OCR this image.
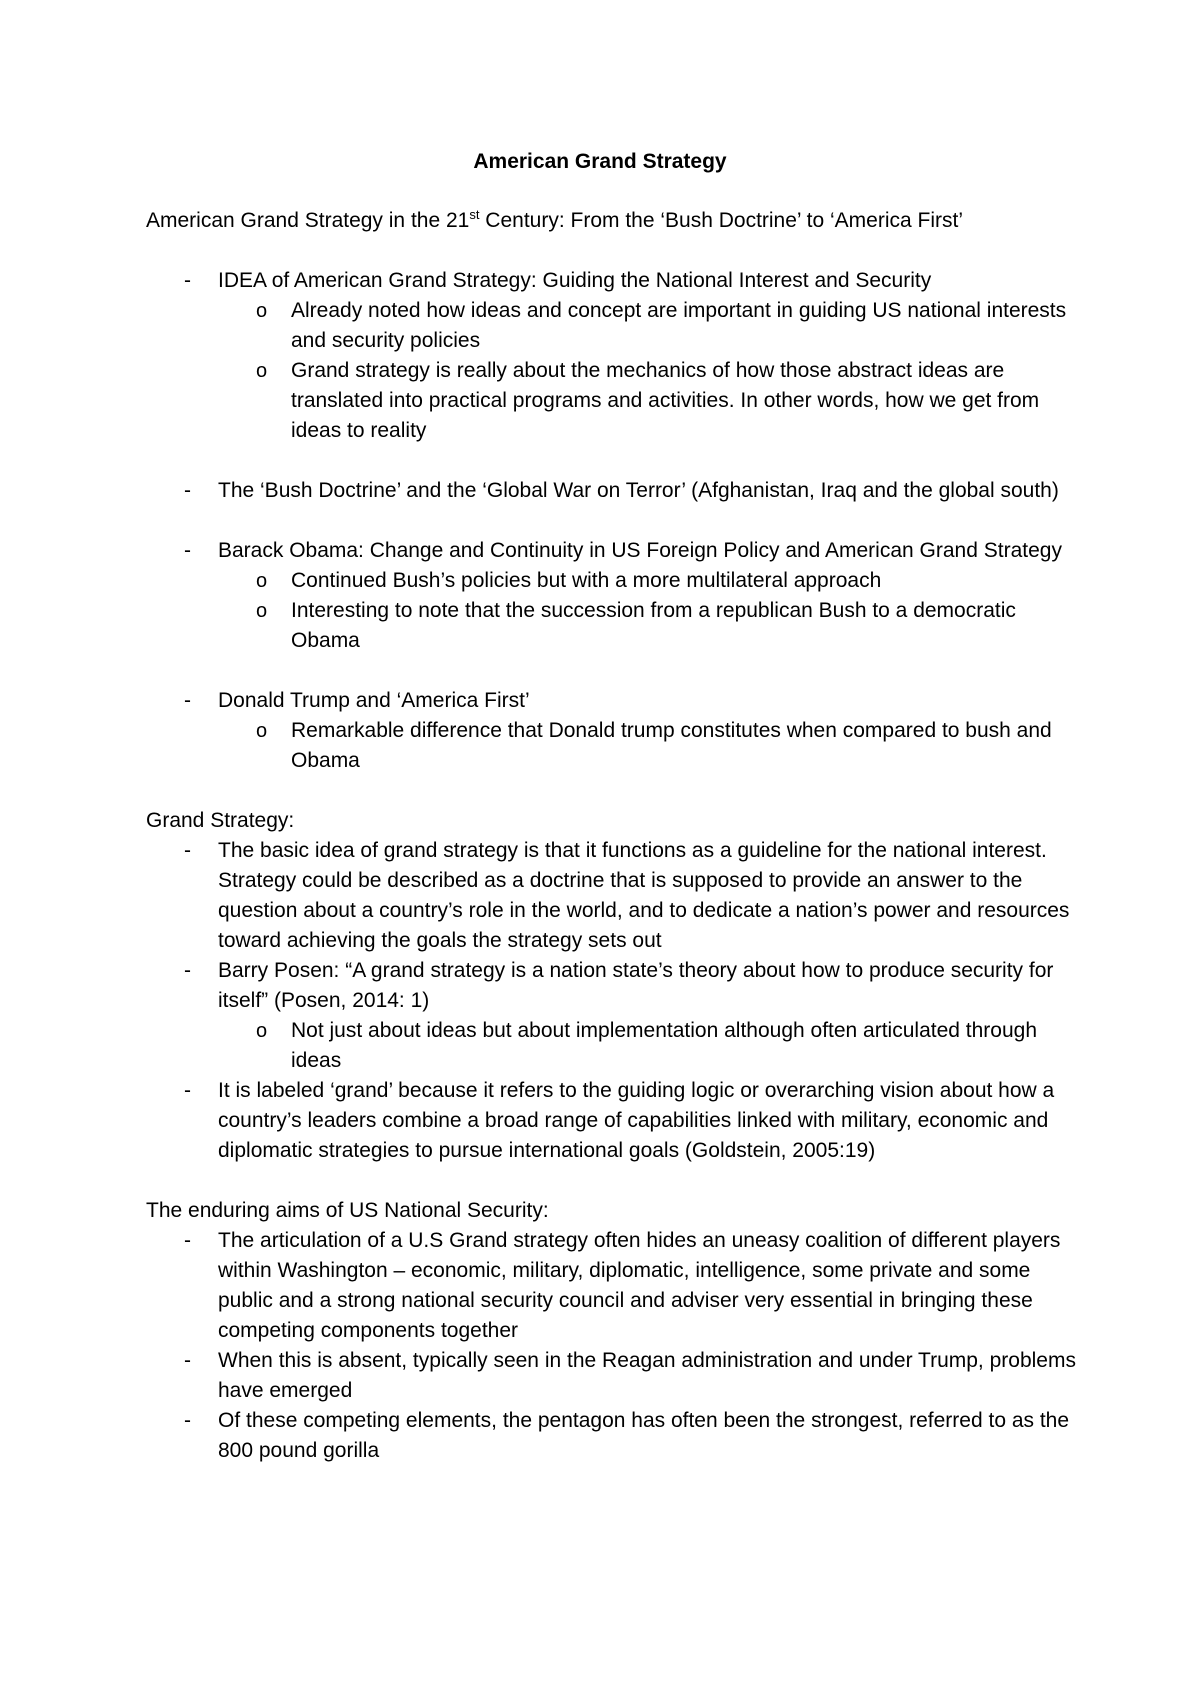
American Grand Strategy

American Grand Strategy in the 21st Century: From the ‘Bush Doctrine’ to ‘America First’

- IDEA of American Grand Strategy: Guiding the National Interest and Security

o Already noted how ideas and concept are important in guiding US national interests and security policies

o Grand strategy is really about the mechanics of how those abstract ideas are translated into practical programs and activities. In other words, how we get from ideas to reality

- The ‘Bush Doctrine’ and the ‘Global War on Terror’ (Afghanistan, Iraq and the global south)

- Barack Obama: Change and Continuity in US Foreign Policy and American Grand Strategy

o Continued Bush’s policies but with a more multilateral approach

o Interesting to note that the succession from a republican Bush to a democratic Obama

- Donald Trump and ‘America First’

o Remarkable difference that Donald trump constitutes when compared to bush and Obama

Grand Strategy:

- The basic idea of grand strategy is that it functions as a guideline for the national interest. Strategy could be described as a doctrine that is supposed to provide an answer to the question about a country’s role in the world, and to dedicate a nation’s power and resources toward achieving the goals the strategy sets out

- Barry Posen: “A grand strategy is a nation state’s theory about how to produce security for itself” (Posen, 2014: 1)

o Not just about ideas but about implementation although often articulated through ideas

- It is labeled ‘grand’ because it refers to the guiding logic or overarching vision about how a country’s leaders combine a broad range of capabilities linked with military, economic and diplomatic strategies to pursue international goals (Goldstein, 2005:19)

The enduring aims of US National Security:

- The articulation of a U.S Grand strategy often hides an uneasy coalition of different players within Washington – economic, military, diplomatic, intelligence, some private and some public and a strong national security council and adviser very essential in bringing these competing components together

- When this is absent, typically seen in the Reagan administration and under Trump, problems have emerged

- Of these competing elements, the pentagon has often been the strongest, referred to as the 800 pound gorilla
